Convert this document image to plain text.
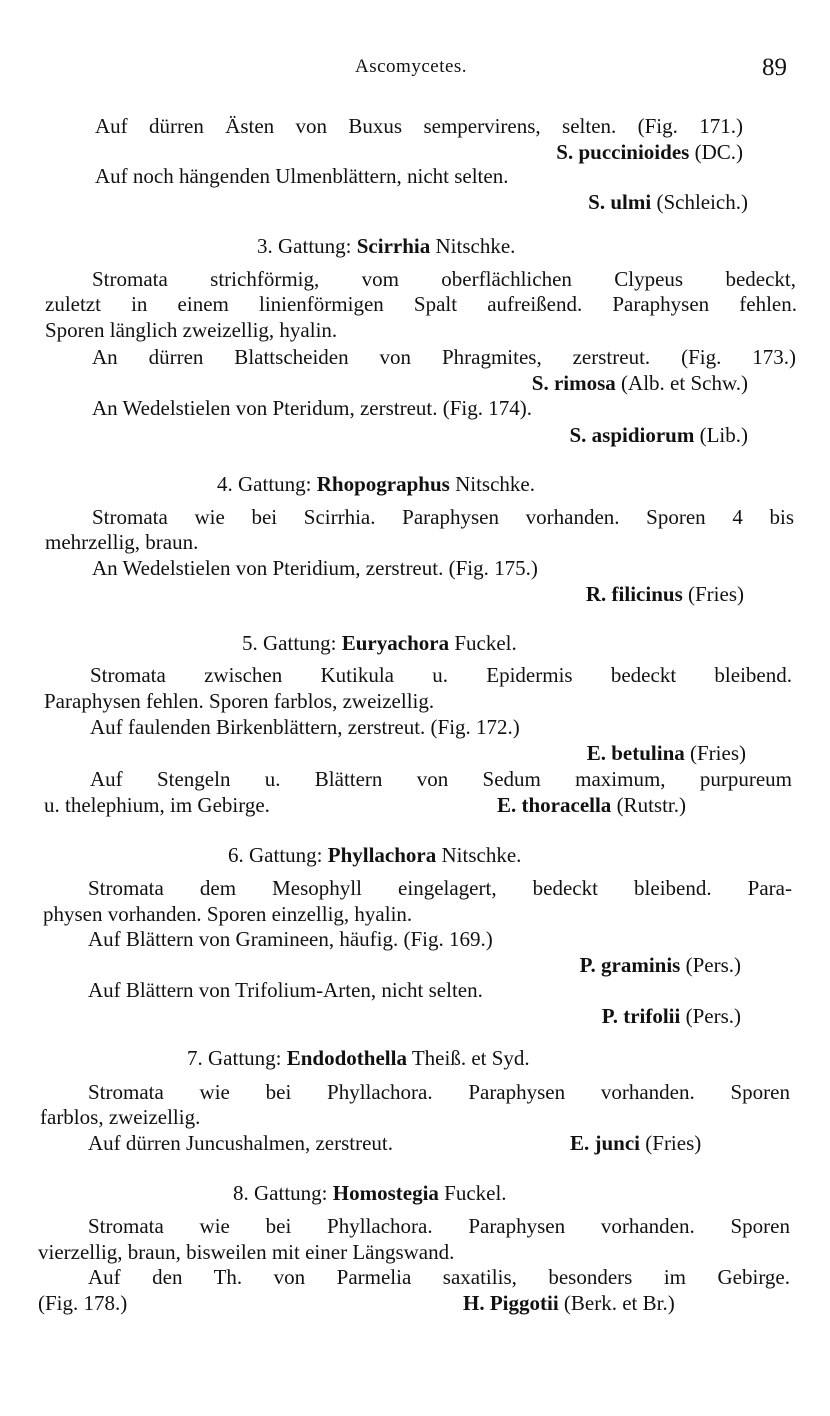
Ascomycetes.	89
Auf dürren Ästen von Buxus sempervirens, selten. (Fig. 171.)
S. puccinioides (DC.)
Auf noch hängenden Ulmenblättern, nicht selten.
S. ulmi (Schleich.)
3. Gattung: Scirrhia Nitschke.
Stromata strichförmig, vom oberflächlichen Clypeus bedeckt,
zuletzt in einem linienförmigen Spalt aufreißend. Paraphysen fehlen.
Sporen länglich zweizellig, hyalin.
An dürren Blattscheiden von Phragmites, zerstreut. (Fig. 173.)
S. rimosa (Alb. et Schw.)
An Wedelstielen von Pteridum, zerstreut. (Fig. 174).
S. aspidiorum (Lib.)
4. Gattung: Rhopographus Nitschke.
Stromata wie bei Scirrhia. Paraphysen vorhanden. Sporen 4 bis
mehrzellig, braun.
An Wedelstielen von Pteridium, zerstreut. (Fig. 175.)
R. filicinus (Fries)
5. Gattung: Euryachora Fuckel.
Stromata zwischen Kutikula u. Epidermis bedeckt bleibend.
Paraphysen fehlen. Sporen farblos, zweizellig.
Auf faulenden Birkenblättern, zerstreut. (Fig. 172.)
E. betulina (Fries)
Auf Stengeln u. Blättern von Sedum maximum, purpureum
u. thelephium, im Gebirge.	E. thoracella (Rutstr.)
6. Gattung: Phyllachora Nitschke.
Stromata dem Mesophyll eingelagert, bedeckt bleibend. Para-
physen vorhanden. Sporen einzellig, hyalin.
Auf Blättern von Gramineen, häufig. (Fig. 169.)
P. graminis (Pers.)
Auf Blättern von Trifolium-Arten, nicht selten.
P. trifolii (Pers.)
7. Gattung: Endodothella Theiß. et Syd.
Stromata wie bei Phyllachora. Paraphysen vorhanden. Sporen
farblos, zweizellig.
Auf dürren Juncushalmen, zerstreut.	E. junci (Fries)
8. Gattung: Homostegia Fuckel.
Stromata wie bei Phyllachora. Paraphysen vorhanden. Sporen
vierzellig, braun, bisweilen mit einer Längswand.
Auf den Th. von Parmelia saxatilis, besonders im Gebirge.
(Fig. 178.)	H. Piggotii (Berk. et Br.)
